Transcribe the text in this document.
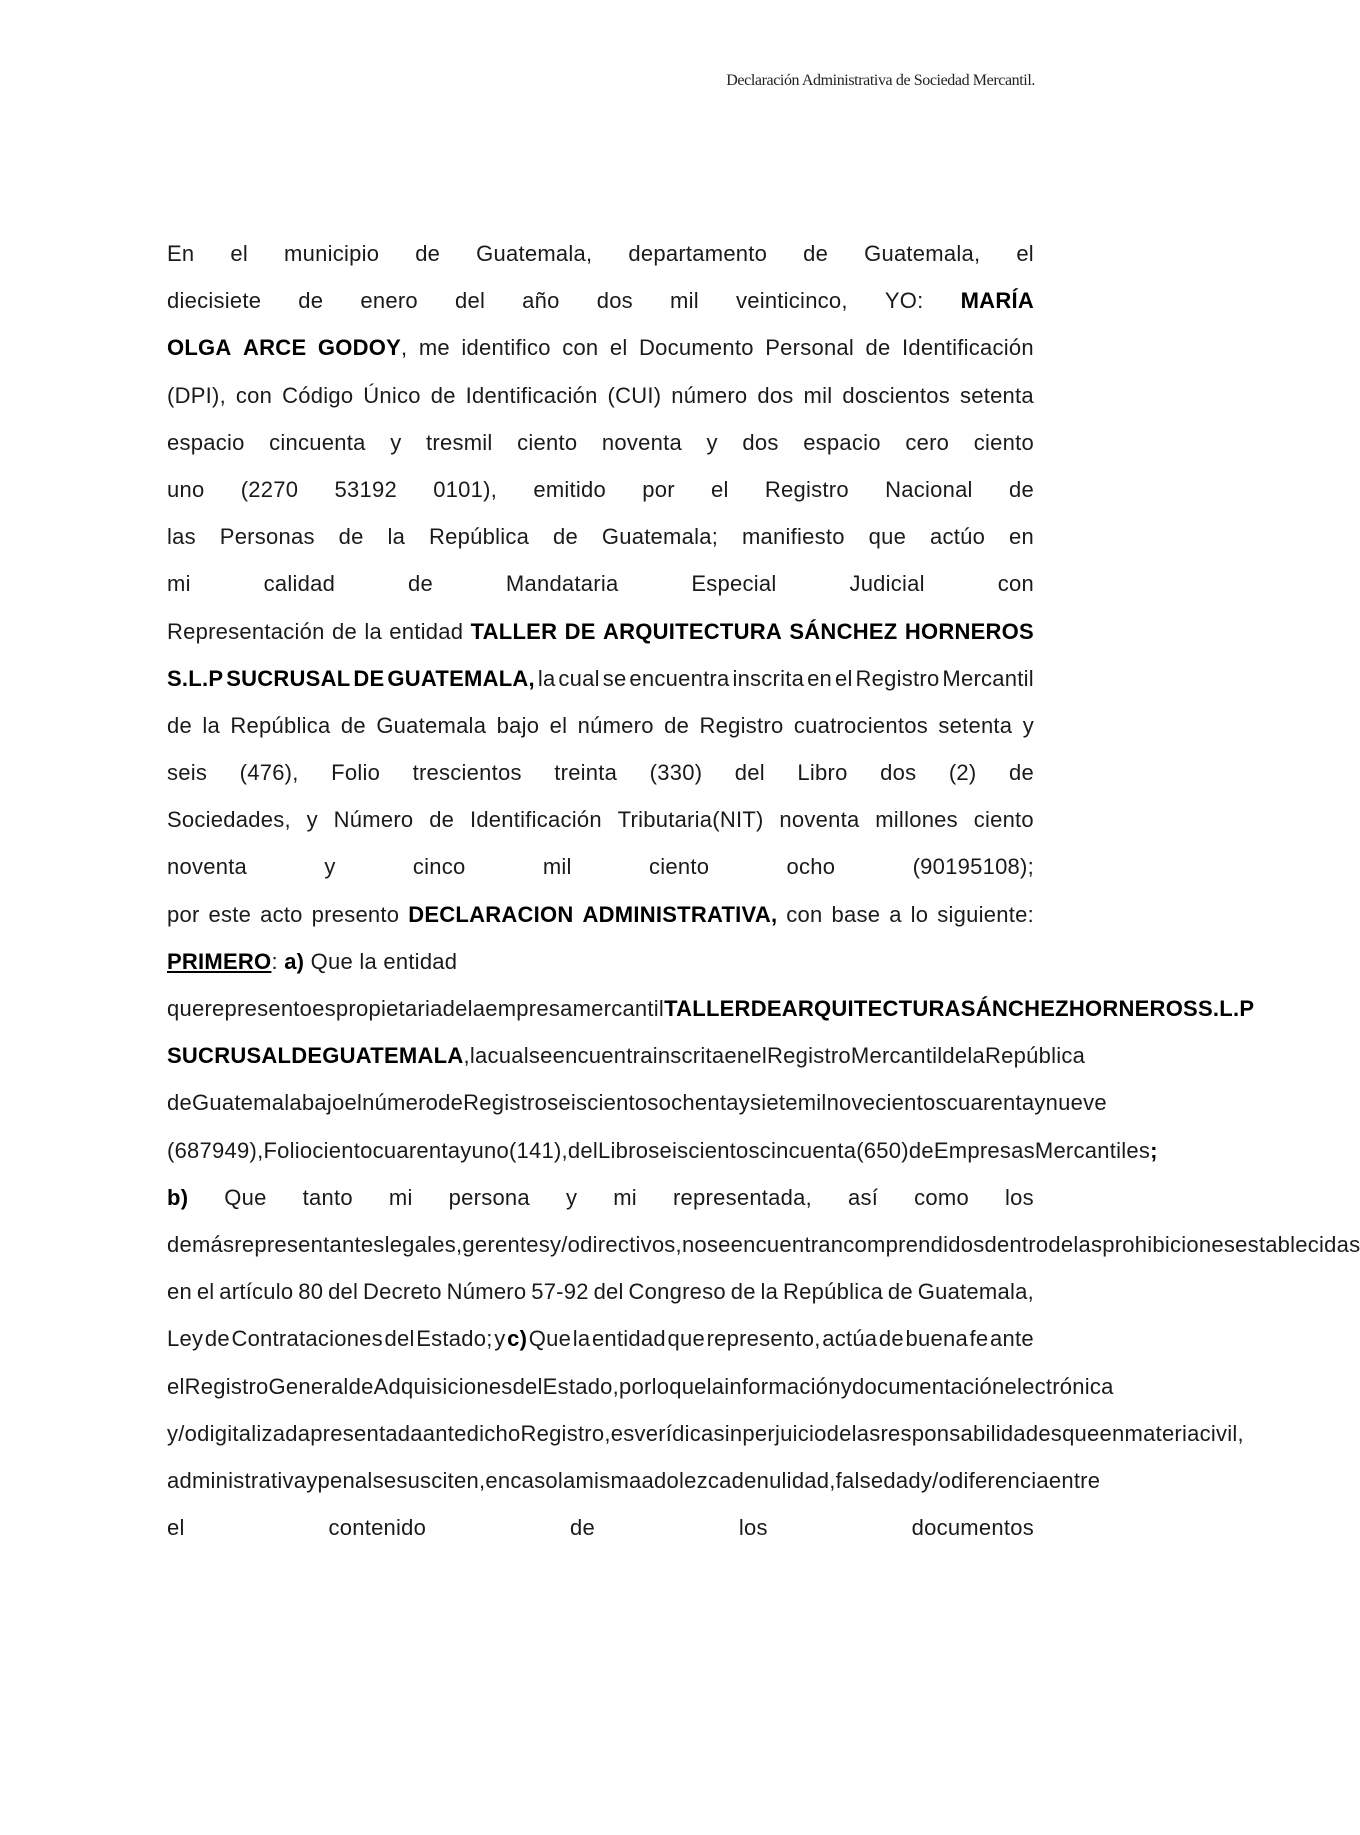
Declaración Administrativa de Sociedad Mercantil.
En el municipio de Guatemala, departamento de Guatemala, el
diecisiete de enero del año dos mil veinticinco, YO: MARÍA
OLGA ARCE GODOY, me identifico con el Documento Personal de Identificación
(DPI), con Código Único de Identificación (CUI) número dos mil doscientos setenta
espacio cincuenta y tresmil ciento noventa y dos espacio cero ciento
uno (2270 53192 0101), emitido por el Registro Nacional de
las Personas de la República de Guatemala; manifiesto que actúo en
mi	calidad	de	Mandataria	Especial	Judicial	con
Representación de la entidad TALLER DE ARQUITECTURA SÁNCHEZ HORNEROS
S.L.P SUCRUSAL DE GUATEMALA, la cual se encuentra inscrita en el Registro Mercantil
de la República de Guatemala bajo el número de Registro cuatrocientos setenta y
seis (476), Folio trescientos treinta (330) del Libro dos (2) de
Sociedades, y Número de Identificación Tributaria(NIT) noventa millones ciento
noventa	y	cinco	mil	ciento	ocho	(90195108);
por este acto presento DECLARACION ADMINISTRATIVA, con base a lo siguiente:
PRIMERO: a) Que la entidad
que represento es propietaria de la empresa mercantil TALLER DE ARQUITECTURA SÁNCHEZ HORNEROS S.L.P
SUCRUSAL DE GUATEMALA, la cual se encuentra inscrita en el Registro Mercantil de la República
de Guatemala bajo el número de Registro seiscientos ochenta y siete mil novecientos cuarenta y nueve
(687949), Folio ciento cuarenta y uno (141), del Libro seiscientos cincuenta (650) de Empresas Mercantiles;
b) Que tanto mi persona y mi representada, así como los
demás representantes legales, gerentes y/o directivos, no se encuentran comprendidos dentro de las prohibiciones establecidas
en el artículo 80 del Decreto Número 57-92 del Congreso de la República de Guatemala,
Ley de Contrataciones del Estado; y c) Que la entidad que represento, actúa de buena fe ante
el Registro General de Adquisiciones del Estado, por lo que la información y documentación electrónica
y/o digitalizada presentada ante dicho Registro, es verídica sin perjuicio de las responsabilidades que en materia civil,
administrativa y penal se susciten, en caso la misma adolezca de nulidad, falsedad y/o diferencia entre
el	contenido	de	los	documentos
